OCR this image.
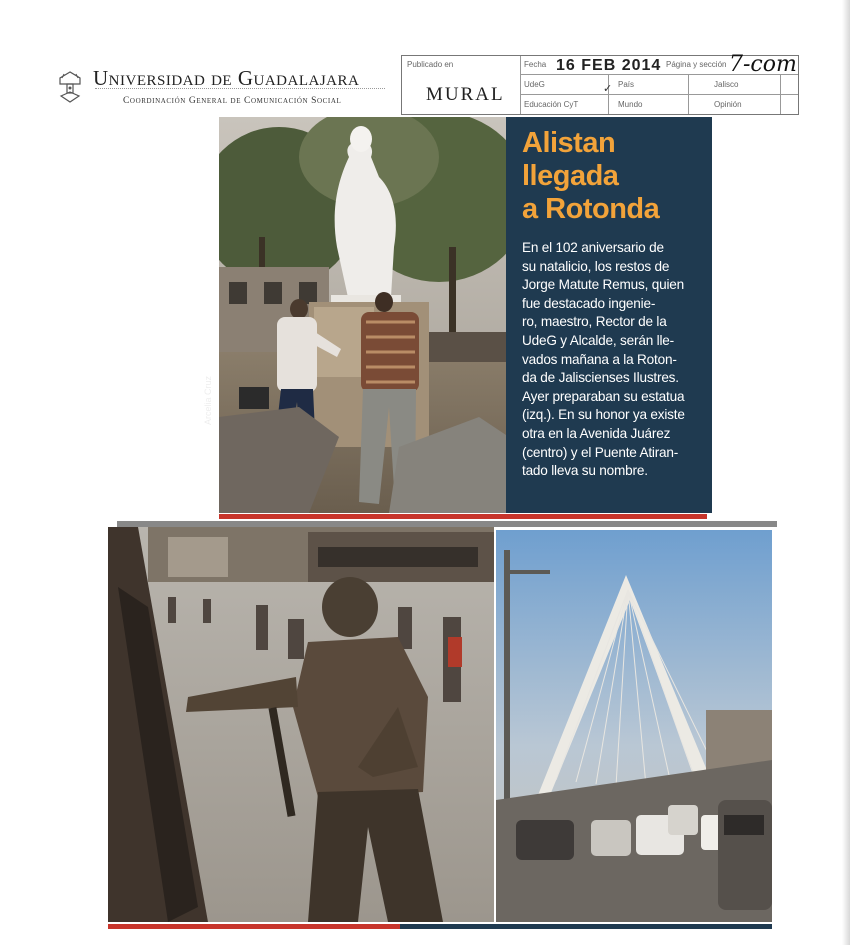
Universidad de Guadalajara
Coordinación General de Comunicación Social
Publicado en
MURAL
Fecha 16 FEB 2014 Página y sección 7-com
UdeG	✓ País	Jalisco
Educación CyT	Mundo	Opinión
Arcelia Cruz
Alistan
llegada
a Rotonda
En el 102 aniversario de
su natalicio, los restos de
Jorge Matute Remus, quien
fue destacado ingenie-
ro, maestro, Rector de la
UdeG y Alcalde, serán lle-
vados mañana a la Roton-
da de Jaliscienses Ilustres.
Ayer preparaban su estatua
(izq.). En su honor ya existe
otra en la Avenida Juárez
(centro) y el Puente Atiran-
tado lleva su nombre.
